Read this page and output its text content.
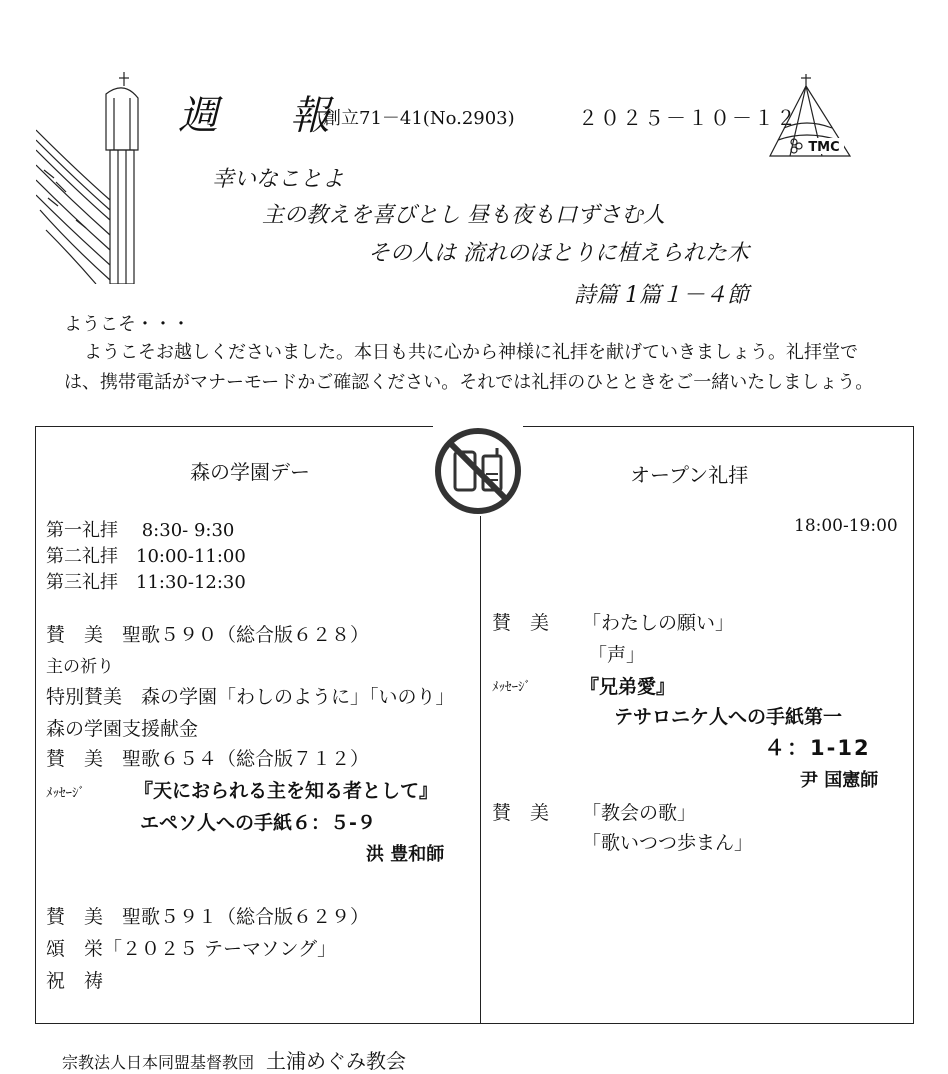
週　報
創立71－41(No.2903)	２０２５－１０－１２
TMC
幸いなことよ
主の教えを喜びとし 昼も夜も口ずさむ人
その人は 流れのほとりに植えられた木
詩篇 1篇１－４節
ようこそ・・・
ようこそお越しくださいました。本日も共に心から神様に礼拝を献げていきましょう。礼拝堂では、携帯電話がマナーモードかご確認ください。それでは礼拝のひとときをご一緒いたしましょう。
森の学園デー
第一礼拝　 8:30- 9:30
第二礼拝　10:00-11:00
第三礼拝　11:30-12:30
賛　美　聖歌５９０（総合版６２８）
主の祈り
特別賛美　森の学園「わしのように」「いのり」
森の学園支援献金
賛　美　聖歌６５４（総合版７１２）
ﾒｯｾｰｼﾞ	『天におられる主を知る者として』
エペソ人への手紙６：５-９
洪 豊和師
賛　美　聖歌５９１（総合版６２９）
頌　栄「２０２５ テーマソング」
祝　祷
オープン礼拝
18:00-19:00
賛　美 「わたしの願い」
「声」
ﾒｯｾｰｼﾞ	『兄弟愛』
テサロニケ人への手紙第一
４：1-12
尹 国憲師
賛　美 「教会の歌」
「歌いつつ歩まん」
宗教法人日本同盟基督教団 土浦めぐみ教会
